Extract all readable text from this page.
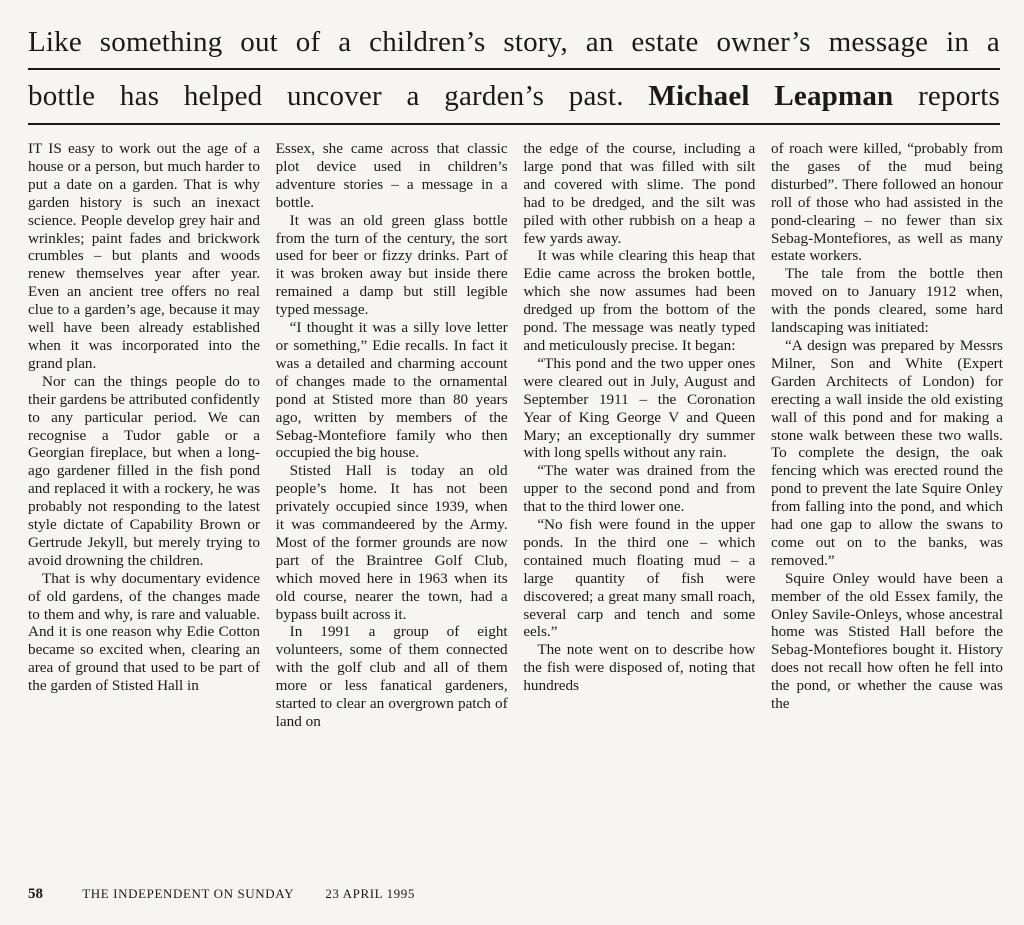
Like something out of a children’s story, an estate owner’s message in a
bottle has helped uncover a garden’s past. Michael Leapman reports

IT IS easy to work out the age of a house or a person, but much harder to put a date on a garden. That is why garden history is such an inexact science. People develop grey hair and wrinkles; paint fades and brickwork crumbles – but plants and woods renew themselves year after year. Even an ancient tree offers no real clue to a garden’s age, because it may well have been already established when it was incorporated into the grand plan.

Nor can the things people do to their gardens be attributed confidently to any particular period. We can recognise a Tudor gable or a Georgian fireplace, but when a long-ago gardener filled in the fish pond and replaced it with a rockery, he was probably not responding to the latest style dictate of Capability Brown or Gertrude Jekyll, but merely trying to avoid drowning the children.

That is why documentary evidence of old gardens, of the changes made to them and why, is rare and valuable. And it is one reason why Edie Cotton became so excited when, clearing an area of ground that used to be part of the garden of Stisted Hall in

Essex, she came across that classic plot device used in children’s adventure stories – a message in a bottle.

It was an old green glass bottle from the turn of the century, the sort used for beer or fizzy drinks. Part of it was broken away but inside there remained a damp but still legible typed message.

“I thought it was a silly love letter or something,” Edie recalls. In fact it was a detailed and charming account of changes made to the ornamental pond at Stisted more than 80 years ago, written by members of the Sebag-Montefiore family who then occupied the big house.

Stisted Hall is today an old people’s home. It has not been privately occupied since 1939, when it was commandeered by the Army. Most of the former grounds are now part of the Braintree Golf Club, which moved here in 1963 when its old course, nearer the town, had a bypass built across it.

In 1991 a group of eight volunteers, some of them connected with the golf club and all of them more or less fanatical gardeners, started to clear an overgrown patch of land on

the edge of the course, including a large pond that was filled with silt and covered with slime. The pond had to be dredged, and the silt was piled with other rubbish on a heap a few yards away.

It was while clearing this heap that Edie came across the broken bottle, which she now assumes had been dredged up from the bottom of the pond. The message was neatly typed and meticulously precise. It began:

“This pond and the two upper ones were cleared out in July, August and September 1911 – the Coronation Year of King George V and Queen Mary; an exceptionally dry summer with long spells without any rain.

“The water was drained from the upper to the second pond and from that to the third lower one.

“No fish were found in the upper ponds. In the third one – which contained much floating mud – a large quantity of fish were discovered; a great many small roach, several carp and tench and some eels.”

The note went on to describe how the fish were disposed of, noting that hundreds

of roach were killed, “probably from the gases of the mud being disturbed”. There followed an honour roll of those who had assisted in the pond-clearing – no fewer than six Sebag-Montefiores, as well as many estate workers.

The tale from the bottle then moved on to January 1912 when, with the ponds cleared, some hard landscaping was initiated:

“A design was prepared by Messrs Milner, Son and White (Expert Garden Architects of London) for erecting a wall inside the old existing wall of this pond and for making a stone walk between these two walls. To complete the design, the oak fencing which was erected round the pond to prevent the late Squire Onley from falling into the pond, and which had one gap to allow the swans to come out on to the banks, was removed.”

Squire Onley would have been a member of the old Essex family, the Onley Savile-Onleys, whose ancestral home was Stisted Hall before the Sebag-Montefiores bought it. History does not recall how often he fell into the pond, or whether the cause was the

58	THE INDEPENDENT ON SUNDAY 23 APRIL 1995
